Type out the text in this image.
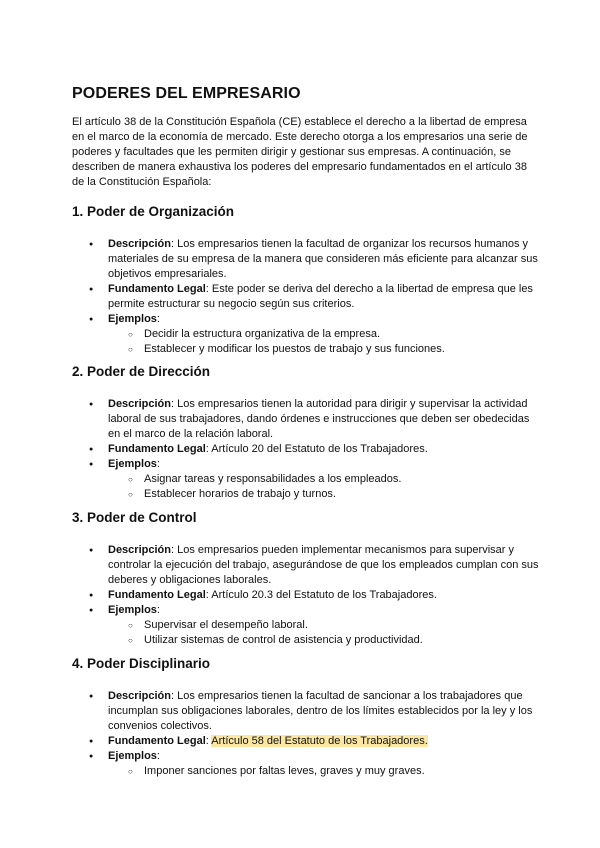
PODERES DEL EMPRESARIO

El artículo 38 de la Constitución Española (CE) establece el derecho a la libertad de empresa en el marco de la economía de mercado. Este derecho otorga a los empresarios una serie de poderes y facultades que les permiten dirigir y gestionar sus empresas. A continuación, se describen de manera exhaustiva los poderes del empresario fundamentados en el artículo 38 de la Constitución Española:

1. Poder de Organización
● Descripción: Los empresarios tienen la facultad de organizar los recursos humanos y materiales de su empresa de la manera que consideren más eficiente para alcanzar sus objetivos empresariales.
● Fundamento Legal: Este poder se deriva del derecho a la libertad de empresa que les permite estructurar su negocio según sus criterios.
● Ejemplos:
○ Decidir la estructura organizativa de la empresa.
○ Establecer y modificar los puestos de trabajo y sus funciones.
2. Poder de Dirección
● Descripción: Los empresarios tienen la autoridad para dirigir y supervisar la actividad laboral de sus trabajadores, dando órdenes e instrucciones que deben ser obedecidas en el marco de la relación laboral.
● Fundamento Legal: Artículo 20 del Estatuto de los Trabajadores.
● Ejemplos:
○ Asignar tareas y responsabilidades a los empleados.
○ Establecer horarios de trabajo y turnos.
3. Poder de Control
● Descripción: Los empresarios pueden implementar mecanismos para supervisar y controlar la ejecución del trabajo, asegurándose de que los empleados cumplan con sus deberes y obligaciones laborales.
● Fundamento Legal: Artículo 20.3 del Estatuto de los Trabajadores.
● Ejemplos:
○ Supervisar el desempeño laboral.
○ Utilizar sistemas de control de asistencia y productividad.
4. Poder Disciplinario
● Descripción: Los empresarios tienen la facultad de sancionar a los trabajadores que incumplan sus obligaciones laborales, dentro de los límites establecidos por la ley y los convenios colectivos.
● Fundamento Legal: Artículo 58 del Estatuto de los Trabajadores.
● Ejemplos:
○ Imponer sanciones por faltas leves, graves y muy graves.
